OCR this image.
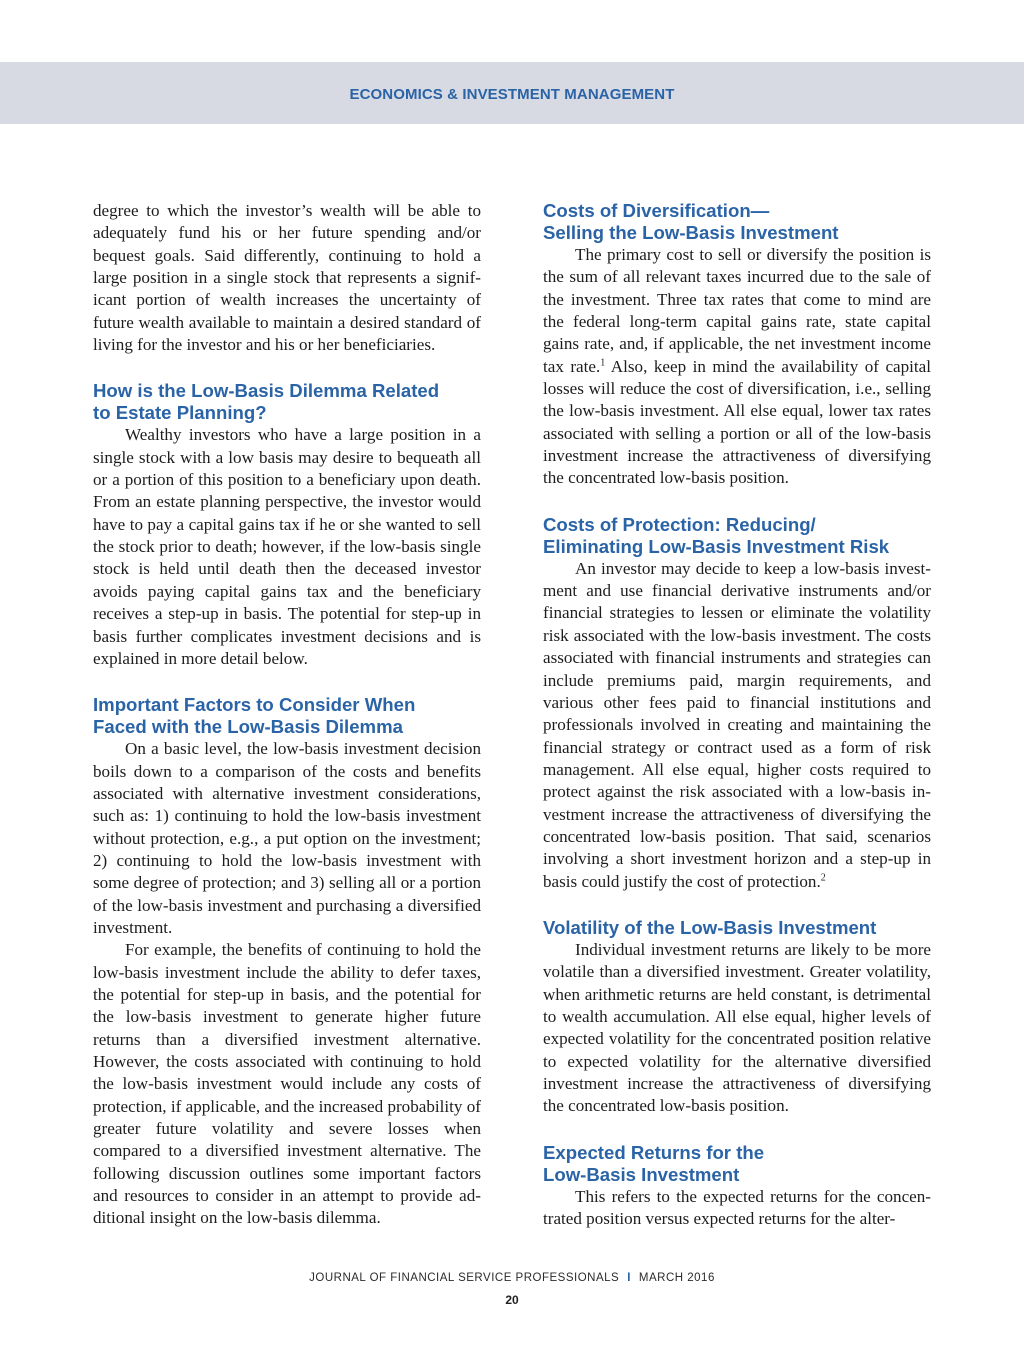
ECONOMICS & INVESTMENT MANAGEMENT

degree to which the investor’s wealth will be able to adequately fund his or her future spending and/or bequest goals. Said differently, continuing to hold a large position in a single stock that represents a significant portion of wealth increases the uncertainty of future wealth available to maintain a desired standard of living for the investor and his or her beneficiaries.

How is the Low-Basis Dilemma Related
to Estate Planning?

Wealthy investors who have a large position in a single stock with a low basis may desire to bequeath all or a portion of this position to a beneficiary upon death. From an estate planning perspective, the investor would have to pay a capital gains tax if he or she wanted to sell the stock prior to death; however, if the low-basis single stock is held until death then the deceased investor avoids paying capital gains tax and the beneficiary receives a step-up in basis. The potential for step-up in basis further complicates investment decisions and is explained in more detail below.

Important Factors to Consider When
Faced with the Low-Basis Dilemma

On a basic level, the low-basis investment decision boils down to a comparison of the costs and benefits associated with alternative investment considerations, such as: 1) continuing to hold the low-basis investment without protection, e.g., a put option on the investment; 2) continuing to hold the low-basis investment with some degree of protection; and 3) selling all or a portion of the low-basis investment and purchasing a diversified investment.

For example, the benefits of continuing to hold the low-basis investment include the ability to defer taxes, the potential for step-up in basis, and the potential for the low-basis investment to generate higher future returns than a diversified investment alternative. However, the costs associated with continuing to hold the low-basis investment would include any costs of protection, if applicable, and the increased probability of greater future volatility and severe losses when compared to a diversified investment alternative. The following discussion outlines some important factors and resources to consider in an attempt to provide additional insight on the low-basis dilemma.

Costs of Diversification—
Selling the Low-Basis Investment

The primary cost to sell or diversify the position is the sum of all relevant taxes incurred due to the sale of the investment. Three tax rates that come to mind are the federal long-term capital gains rate, state capital gains rate, and, if applicable, the net investment income tax rate.$^1$ Also, keep in mind the availability of capital losses will reduce the cost of diversification, i.e., selling the low-basis investment. All else equal, lower tax rates associated with selling a portion or all of the low-basis investment increase the attractiveness of diversifying the concentrated low-basis position.

Costs of Protection: Reducing/
Eliminating Low-Basis Investment Risk

An investor may decide to keep a low-basis investment and use financial derivative instruments and/or financial strategies to lessen or eliminate the volatility risk associated with the low-basis investment. The costs associated with financial instruments and strategies can include premiums paid, margin requirements, and various other fees paid to financial institutions and professionals involved in creating and maintaining the financial strategy or contract used as a form of risk management. All else equal, higher costs required to protect against the risk associated with a low-basis investment increase the attractiveness of diversifying the concentrated low-basis position. That said, scenarios involving a short investment horizon and a step-up in basis could justify the cost of protection.$^2$

Volatility of the Low-Basis Investment

Individual investment returns are likely to be more volatile than a diversified investment. Greater volatility, when arithmetic returns are held constant, is detrimental to wealth accumulation. All else equal, higher levels of expected volatility for the concentrated position relative to expected volatility for the alternative diversified investment increase the attractiveness of diversifying the concentrated low-basis position.

Expected Returns for the
Low-Basis Investment

This refers to the expected returns for the concentrated position versus expected returns for the alter-

JOURNAL OF FINANCIAL SERVICE PROFESSIONALS I MARCH 2016
20
